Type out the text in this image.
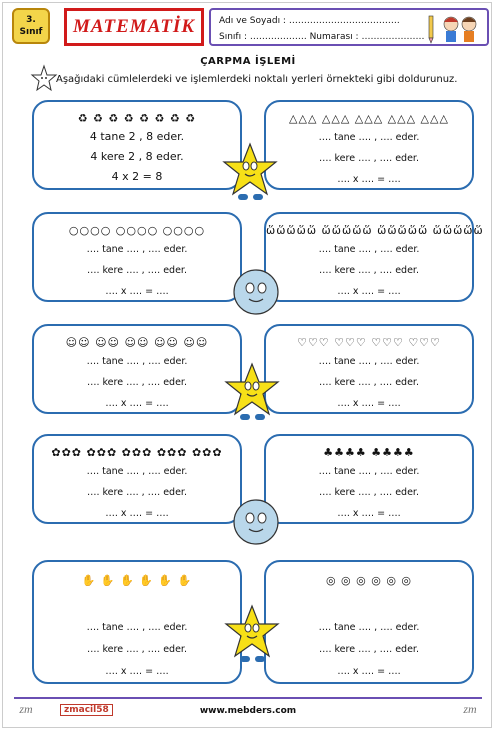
3.
Sınıf MATEMATİK	Adı ve Soyadı : ……………………………….
Sınıfı : ………………. Numarası : …………………
ÇARPMA İŞLEMİ
Aşağıdaki cümlelerdeki ve işlemlerdeki noktalı yerleri örnekteki gibi doldurunuz.
♻ ♻ ♻ ♻ ♻ ♻ ♻ ♻
4 tane 2 , 8 eder.
4 kere 2 , 8 eder.
4 x 2 = 8
△△△ △△△ △△△ △△△ △△△
…. tane …. , …. eder.
…. kere …. , …. eder.
…. x …. = ….
○○○○ ○○○○ ○○○○
…. tane …. , …. eder.
…. kere …. , …. eder.
…. x …. = ….
ὥὥὥὥὥ ὥὥὥὥὥ ὥὥὥὥὥ ὥὥὥὥὥ
…. tane …. , …. eder.
…. kere …. , …. eder.
…. x …. = ….
☺☺ ☺☺ ☺☺ ☺☺ ☺☺
…. tane …. , …. eder.
…. kere …. , …. eder.
…. x …. = ….
♡♡♡ ♡♡♡ ♡♡♡ ♡♡♡
…. tane …. , …. eder.
…. kere …. , …. eder.
…. x …. = ….
✿✿✿ ✿✿✿ ✿✿✿ ✿✿✿ ✿✿✿
…. tane …. , …. eder.
…. kere …. , …. eder.
…. x …. = ….
♣♣♣♣ ♣♣♣♣
…. tane …. , …. eder.
…. kere …. , …. eder.
…. x …. = ….
✋ ✋ ✋ ✋ ✋ ✋
…. tane …. , …. eder.
…. kere …. , …. eder.
…. x …. = ….
◎ ◎ ◎ ◎ ◎ ◎
…. tane …. , …. eder.
…. kere …. , …. eder.
…. x …. = ….
zm	zmacil58	www.mebders.com	zm
